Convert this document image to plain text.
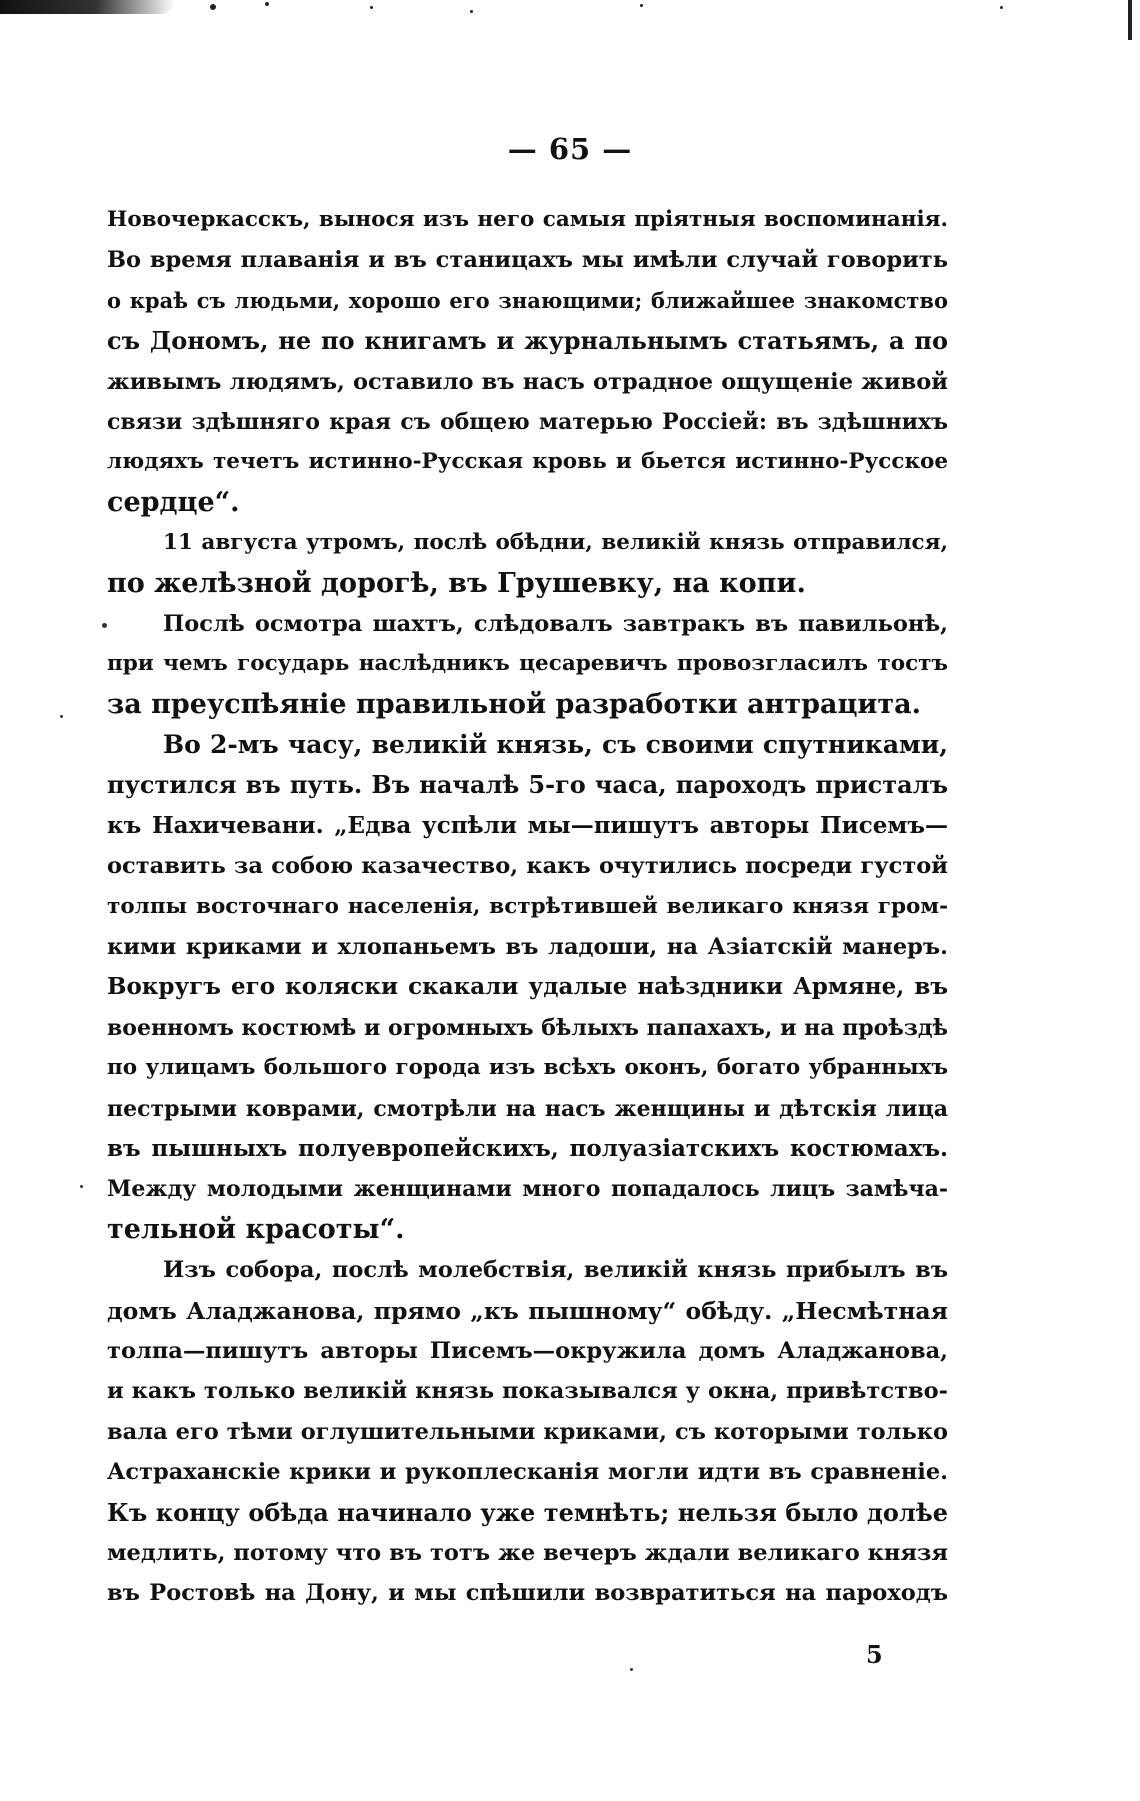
— 65 —
Новочеркасскъ, вынося изъ него самыя пріятныя воспоминанія.
Во время плаванія и въ станицахъ мы имѣли случай говорить
о краѣ съ людьми, хорошо его знающими; ближайшее знакомство
съ Дономъ, не по книгамъ и журнальнымъ статьямъ, а по
живымъ людямъ, оставило въ насъ отрадное ощущеніе живой
связи здѣшняго края съ общею матерью Россіей: въ здѣшнихъ
людяхъ течетъ истинно-Русская кровь и бьется истинно-Русское
сердце“.
11 августа утромъ, послѣ обѣдни, великій князь отправился,
по желѣзной дорогѣ, въ Грушевку, на копи.
Послѣ осмотра шахтъ, слѣдовалъ завтракъ въ павильонѣ,
при чемъ государь наслѣдникъ цесаревичъ провозгласилъ тостъ
за преуспѣяніе правильной разработки антрацита.
Во 2-мъ часу, великій князь, съ своими спутниками,
пустился въ путь. Въ началѣ 5-го часа, пароходъ присталъ
къ Нахичевани. „Едва успѣли мы—пишутъ авторы Писемъ—
оставить за собою казачество, какъ очутились посреди густой
толпы восточнаго населенія, встрѣтившей великаго князя гром-
кими криками и хлопаньемъ въ ладоши, на Азіатскій манеръ.
Вокругъ его коляски скакали удалые наѣздники Армяне, въ
военномъ костюмѣ и огромныхъ бѣлыхъ папахахъ, и на проѣздѣ
по улицамъ большого города изъ всѣхъ оконъ, богато убранныхъ
пестрыми коврами, смотрѣли на насъ женщины и дѣтскія лица
въ пышныхъ полуевропейскихъ, полуазіатскихъ костюмахъ.
Между молодыми женщинами много попадалось лицъ замѣча-
тельной красоты“.
Изъ собора, послѣ молебствія, великій князь прибылъ въ
домъ Аладжанова, прямо „къ пышному“ обѣду. „Несмѣтная
толпа—пишутъ авторы Писемъ—окружила домъ Аладжанова,
и какъ только великій князь показывался у окна, привѣтство-
вала его тѣми оглушительными криками, съ которыми только
Астраханскіе крики и рукоплесканія могли идти въ сравненіе.
Къ концу обѣда начинало уже темнѣть; нельзя было долѣе
медлить, потому что въ тотъ же вечеръ ждали великаго князя
въ Ростовѣ на Дону, и мы спѣшили возвратиться на пароходъ
5
